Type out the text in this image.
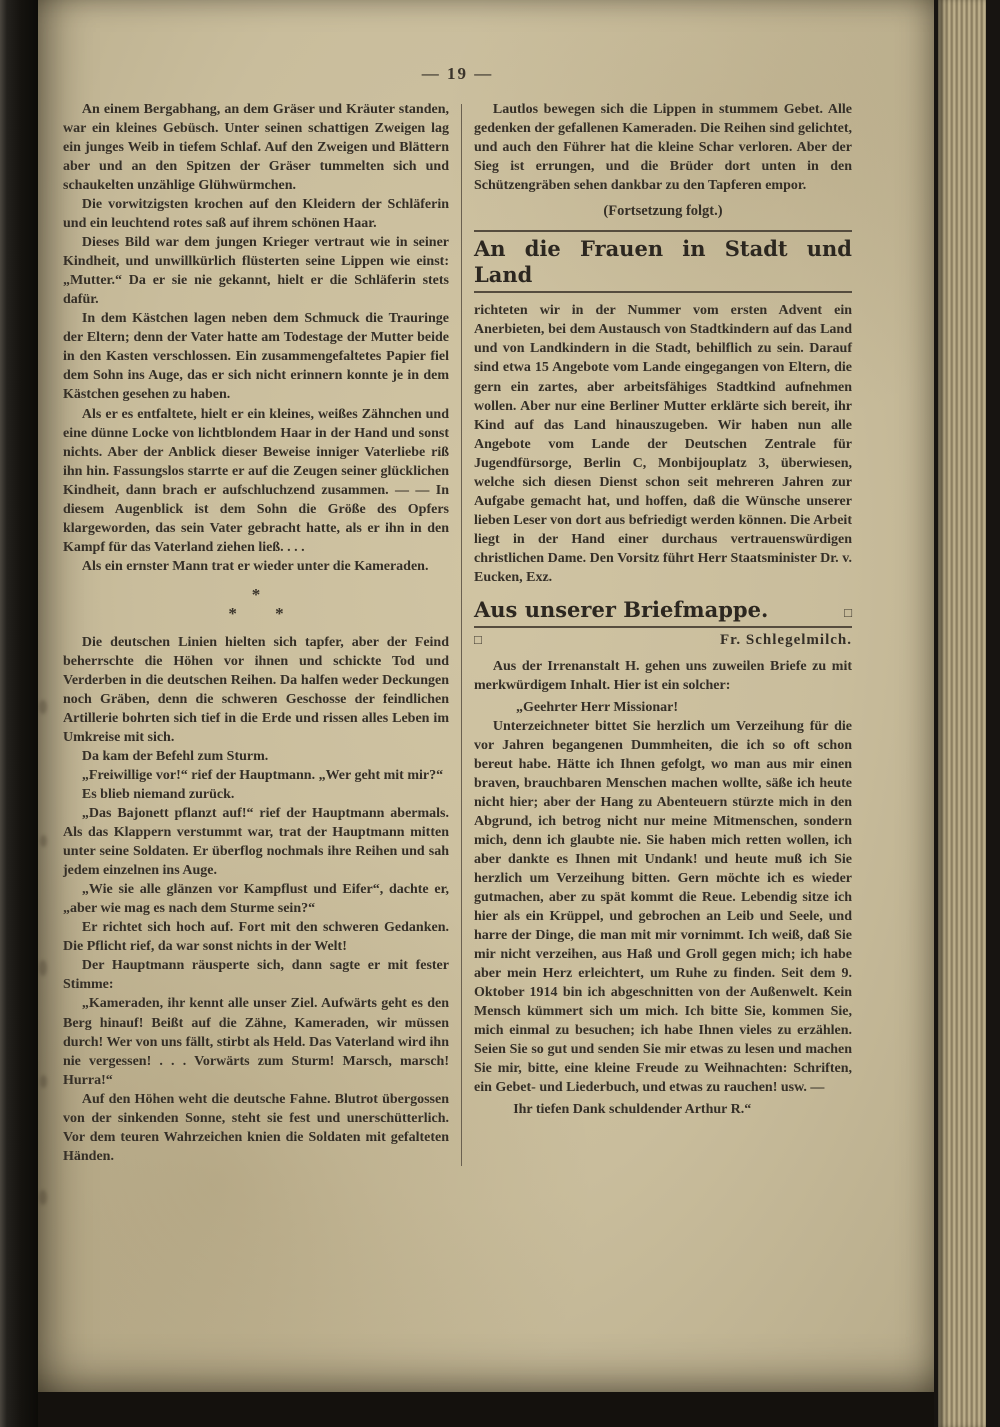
— 19 —

An einem Bergabhang, an dem Gräser und Kräuter standen, war ein kleines Gebüsch. Unter seinen schattigen Zweigen lag ein junges Weib in tiefem Schlaf. Auf den Zweigen und Blättern aber und an den Spitzen der Gräser tummelten sich und schaukelten unzählige Glühwürmchen.

Die vorwitzigsten krochen auf den Kleidern der Schläferin und ein leuchtend rotes saß auf ihrem schönen Haar.

Dieses Bild war dem jungen Krieger vertraut wie in seiner Kindheit, und unwillkürlich flüsterten seine Lippen wie einst: „Mutter.“ Da er sie nie gekannt, hielt er die Schläferin stets dafür.

In dem Kästchen lagen neben dem Schmuck die Trauringe der Eltern; denn der Vater hatte am Todestage der Mutter beide in den Kasten verschlossen. Ein zusammengefaltetes Papier fiel dem Sohn ins Auge, das er sich nicht erinnern konnte je in dem Kästchen gesehen zu haben.

Als er es entfaltete, hielt er ein kleines, weißes Zähnchen und eine dünne Locke von lichtblondem Haar in der Hand und sonst nichts. Aber der Anblick dieser Beweise inniger Vaterliebe riß ihn hin. Fassungslos starrte er auf die Zeugen seiner glücklichen Kindheit, dann brach er aufschluchzend zusammen. — — In diesem Augenblick ist dem Sohn die Größe des Opfers klargeworden, das sein Vater gebracht hatte, als er ihn in den Kampf für das Vaterland ziehen ließ. . . .

Als ein ernster Mann trat er wieder unter die Kameraden.

*
* *

Die deutschen Linien hielten sich tapfer, aber der Feind beherrschte die Höhen vor ihnen und schickte Tod und Verderben in die deutschen Reihen. Da halfen weder Deckungen noch Gräben, denn die schweren Geschosse der feindlichen Artillerie bohrten sich tief in die Erde und rissen alles Leben im Umkreise mit sich.

Da kam der Befehl zum Sturm.

„Freiwillige vor!“ rief der Hauptmann. „Wer geht mit mir?“

Es blieb niemand zurück.

„Das Bajonett pflanzt auf!“ rief der Hauptmann abermals. Als das Klappern verstummt war, trat der Hauptmann mitten unter seine Soldaten. Er überflog nochmals ihre Reihen und sah jedem einzelnen ins Auge.

„Wie sie alle glänzen vor Kampflust und Eifer“, dachte er, „aber wie mag es nach dem Sturme sein?“

Er richtet sich hoch auf. Fort mit den schweren Gedanken. Die Pflicht rief, da war sonst nichts in der Welt!

Der Hauptmann räusperte sich, dann sagte er mit fester Stimme:

„Kameraden, ihr kennt alle unser Ziel. Aufwärts geht es den Berg hinauf! Beißt auf die Zähne, Kameraden, wir müssen durch! Wer von uns fällt, stirbt als Held. Das Vaterland wird ihn nie vergessen! . . . Vorwärts zum Sturm! Marsch, marsch! Hurra!“

Auf den Höhen weht die deutsche Fahne. Blutrot übergossen von der sinkenden Sonne, steht sie fest und unerschütterlich. Vor dem teuren Wahrzeichen knien die Soldaten mit gefalteten Händen.

Lautlos bewegen sich die Lippen in stummem Gebet. Alle gedenken der gefallenen Kameraden. Die Reihen sind gelichtet, und auch den Führer hat die kleine Schar verloren. Aber der Sieg ist errungen, und die Brüder dort unten in den Schützengräben sehen dankbar zu den Tapferen empor.

(Fortsetzung folgt.)
An die Frauen in Stadt und Land

richteten wir in der Nummer vom ersten Advent ein Anerbieten, bei dem Austausch von Stadtkindern auf das Land und von Landkindern in die Stadt, behilflich zu sein. Darauf sind etwa 15 Angebote vom Lande eingegangen von Eltern, die gern ein zartes, aber arbeitsfähiges Stadtkind aufnehmen wollen. Aber nur eine Berliner Mutter erklärte sich bereit, ihr Kind auf das Land hinauszugeben. Wir haben nun alle Angebote vom Lande der Deutschen Zentrale für Jugendfürsorge, Berlin C, Monbijouplatz 3, überwiesen, welche sich diesen Dienst schon seit mehreren Jahren zur Aufgabe gemacht hat, und hoffen, daß die Wünsche unserer lieben Leser von dort aus befriedigt werden können. Die Arbeit liegt in der Hand einer durchaus vertrauenswürdigen christlichen Dame. Den Vorsitz führt Herr Staatsminister Dr. v. Eucken, Exz.

Aus unserer Briefmappe.	□
□	Fr. Schlegelmilch.

Aus der Irrenanstalt H. gehen uns zuweilen Briefe zu mit merkwürdigem Inhalt. Hier ist ein solcher:

„Geehrter Herr Missionar!

Unterzeichneter bittet Sie herzlich um Verzeihung für die vor Jahren begangenen Dummheiten, die ich so oft schon bereut habe. Hätte ich Ihnen gefolgt, wo man aus mir einen braven, brauchbaren Menschen machen wollte, säße ich heute nicht hier; aber der Hang zu Abenteuern stürzte mich in den Abgrund, ich betrog nicht nur meine Mitmenschen, sondern mich, denn ich glaubte nie. Sie haben mich retten wollen, ich aber dankte es Ihnen mit Undank! und heute muß ich Sie herzlich um Verzeihung bitten. Gern möchte ich es wieder gutmachen, aber zu spät kommt die Reue. Lebendig sitze ich hier als ein Krüppel, und gebrochen an Leib und Seele, und harre der Dinge, die man mit mir vornimmt. Ich weiß, daß Sie mir nicht verzeihen, aus Haß und Groll gegen mich; ich habe aber mein Herz erleichtert, um Ruhe zu finden. Seit dem 9. Oktober 1914 bin ich abgeschnitten von der Außenwelt. Kein Mensch kümmert sich um mich. Ich bitte Sie, kommen Sie, mich einmal zu besuchen; ich habe Ihnen vieles zu erzählen. Seien Sie so gut und senden Sie mir etwas zu lesen und machen Sie mir, bitte, eine kleine Freude zu Weihnachten: Schriften, ein Gebet- und Liederbuch, und etwas zu rauchen! usw. —

Ihr tiefen Dank schuldender Arthur R.“
